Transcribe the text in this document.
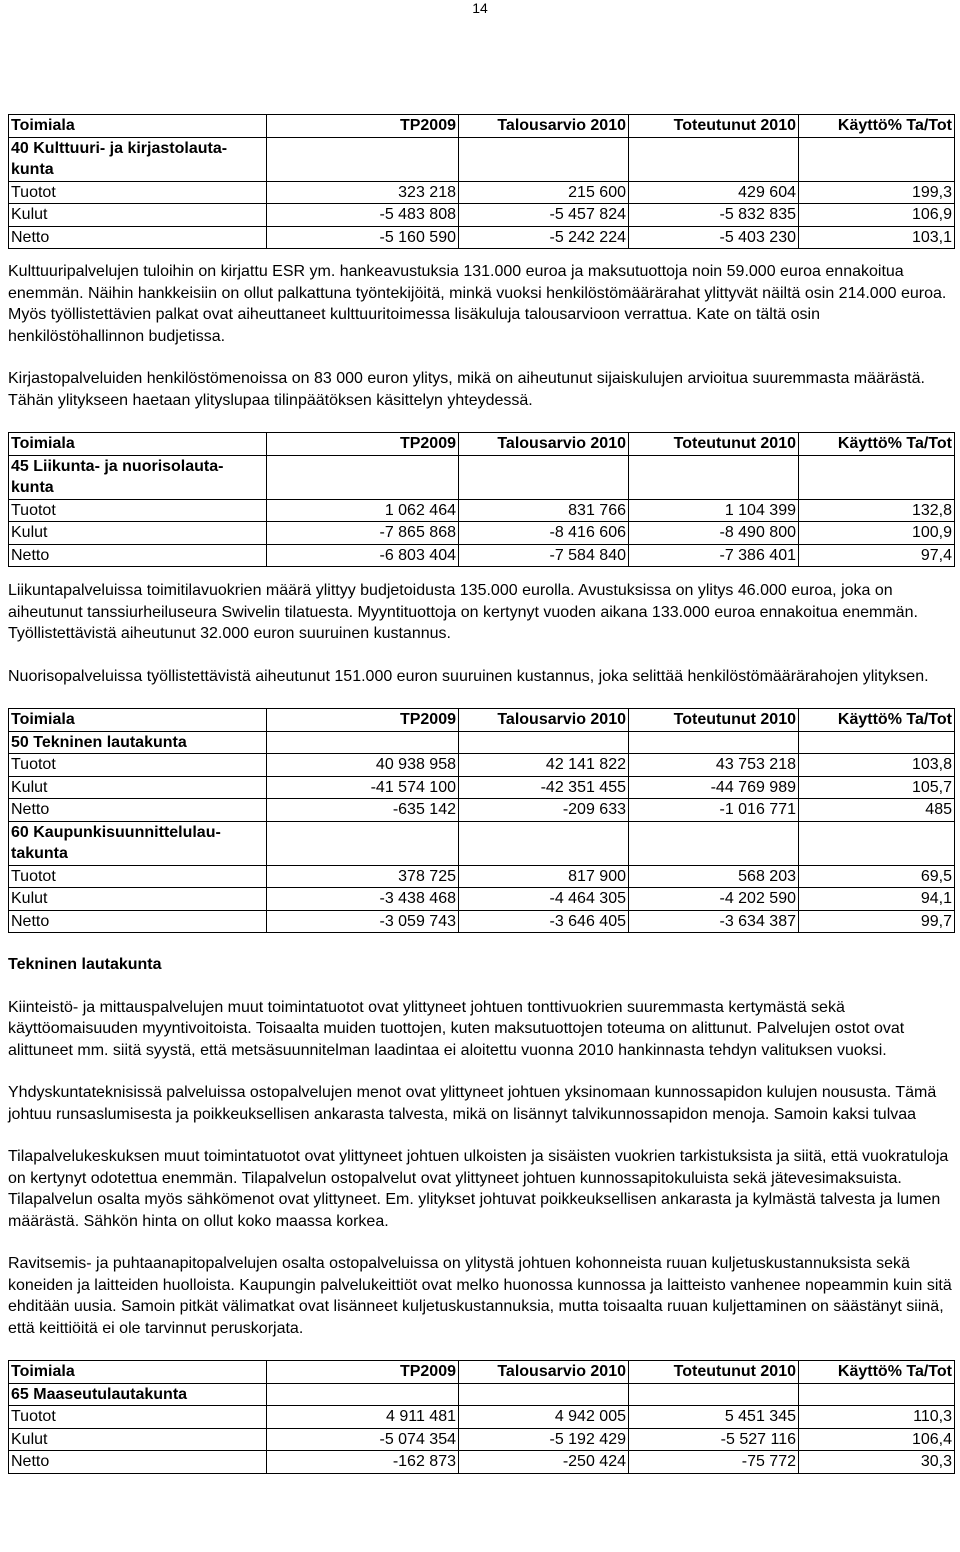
14
Toimiala	TP2009	Talousarvio 2010	Toteutunut 2010	Käyttö% Ta/Tot
40 Kulttuuri- ja kirjastolauta-
kunta				
Tuotot	323 218	215 600	429 604	199,3
Kulut	-5 483 808	-5 457 824	-5 832 835	106,9
Netto	-5 160 590	-5 242 224	-5 403 230	103,1

Kulttuuripalvelujen tuloihin on kirjattu ESR ym. hankeavustuksia 131.000 euroa ja maksutuottoja noin 59.000 euroa ennakoitua enemmän. Näihin hankkeisiin on ollut palkattuna työntekijöitä, minkä vuoksi henkilöstömäärärahat ylittyvät näiltä osin 214.000 euroa. Myös työllistettävien palkat ovat aiheuttaneet kulttuuritoimessa lisäkuluja talousarvioon verrattua. Kate on tältä osin henkilöstöhallinnon budjetissa.

Kirjastopalveluiden henkilöstömenoissa on 83 000 euron ylitys, mikä on aiheutunut sijaiskulujen arvioitua suuremmasta määrästä. Tähän ylitykseen haetaan ylityslupaa tilinpäätöksen käsittelyn yhteydessä.

Toimiala	TP2009	Talousarvio 2010	Toteutunut 2010	Käyttö% Ta/Tot
45 Liikunta- ja nuorisolauta-
kunta				
Tuotot	1 062 464	831 766	1 104 399	132,8
Kulut	-7 865 868	-8 416 606	-8 490 800	100,9
Netto	-6 803 404	-7 584 840	-7 386 401	97,4

Liikuntapalveluissa toimitilavuokrien määrä ylittyy budjetoidusta 135.000 eurolla. Avustuksissa on ylitys 46.000 euroa, joka on aiheutunut tanssiurheiluseura Swivelin tilatuesta. Myyntituottoja on kertynyt vuoden aikana 133.000 euroa ennakoitua enemmän. Työllistettävistä aiheutunut 32.000 euron suuruinen kustannus.

Nuorisopalveluissa työllistettävistä aiheutunut 151.000 euron suuruinen kustannus, joka selittää henkilöstömäärärahojen ylityksen.

Toimiala	TP2009	Talousarvio 2010	Toteutunut 2010	Käyttö% Ta/Tot
50 Tekninen lautakunta				
Tuotot	40 938 958	42 141 822	43 753 218	103,8
Kulut	-41 574 100	-42 351 455	-44 769 989	105,7
Netto	-635 142	-209 633	-1 016 771	485
60 Kaupunkisuunnittelulau-
takunta				
Tuotot	378 725	817 900	568 203	69,5
Kulut	-3 438 468	-4 464 305	-4 202 590	94,1
Netto	-3 059 743	-3 646 405	-3 634 387	99,7

Tekninen lautakunta

Kiinteistö- ja mittauspalvelujen muut toimintatuotot ovat ylittyneet johtuen tonttivuokrien suuremmasta kertymästä sekä käyttöomaisuuden myyntivoitoista. Toisaalta muiden tuottojen, kuten maksutuottojen toteuma on alittunut. Palvelujen ostot ovat alittuneet mm. siitä syystä, että metsäsuunnitelman laadintaa ei aloitettu vuonna 2010 hankinnasta tehdyn valituksen vuoksi.

Yhdyskuntateknisissä palveluissa ostopalvelujen menot ovat ylittyneet johtuen yksinomaan kunnossapidon kulujen noususta. Tämä johtuu runsaslumisesta ja poikkeuksellisen ankarasta talvesta, mikä on lisännyt talvikunnossapidon menoja. Samoin kaksi tulvaa

Tilapalvelukeskuksen muut toimintatuotot ovat ylittyneet johtuen ulkoisten ja sisäisten vuokrien tarkistuksista ja siitä, että vuokratuloja on kertynyt odotettua enemmän. Tilapalvelun ostopalvelut ovat ylittyneet johtuen kunnossapitokuluista sekä jätevesimaksuista. Tilapalvelun osalta myös sähkömenot ovat ylittyneet. Em. ylitykset johtuvat poikkeuksellisen ankarasta ja kylmästä talvesta ja lumen määrästä. Sähkön hinta on ollut koko maassa korkea.

Ravitsemis- ja puhtaanapitopalvelujen osalta ostopalveluissa on ylitystä johtuen kohonneista ruuan kuljetuskustannuksista sekä koneiden ja laitteiden huolloista. Kaupungin palvelukeittiöt ovat melko huonossa kunnossa ja laitteisto vanhenee nopeammin kuin sitä ehditään uusia. Samoin pitkät välimatkat ovat lisänneet kuljetuskustannuksia, mutta toisaalta ruuan kuljettaminen on säästänyt siinä, että keittiöitä ei ole tarvinnut peruskorjata.

Toimiala	TP2009	Talousarvio 2010	Toteutunut 2010	Käyttö% Ta/Tot
65 Maaseutulautakunta				
Tuotot	4 911 481	4 942 005	5 451 345	110,3
Kulut	-5 074 354	-5 192 429	-5 527 116	106,4
Netto	-162 873	-250 424	-75 772	30,3
